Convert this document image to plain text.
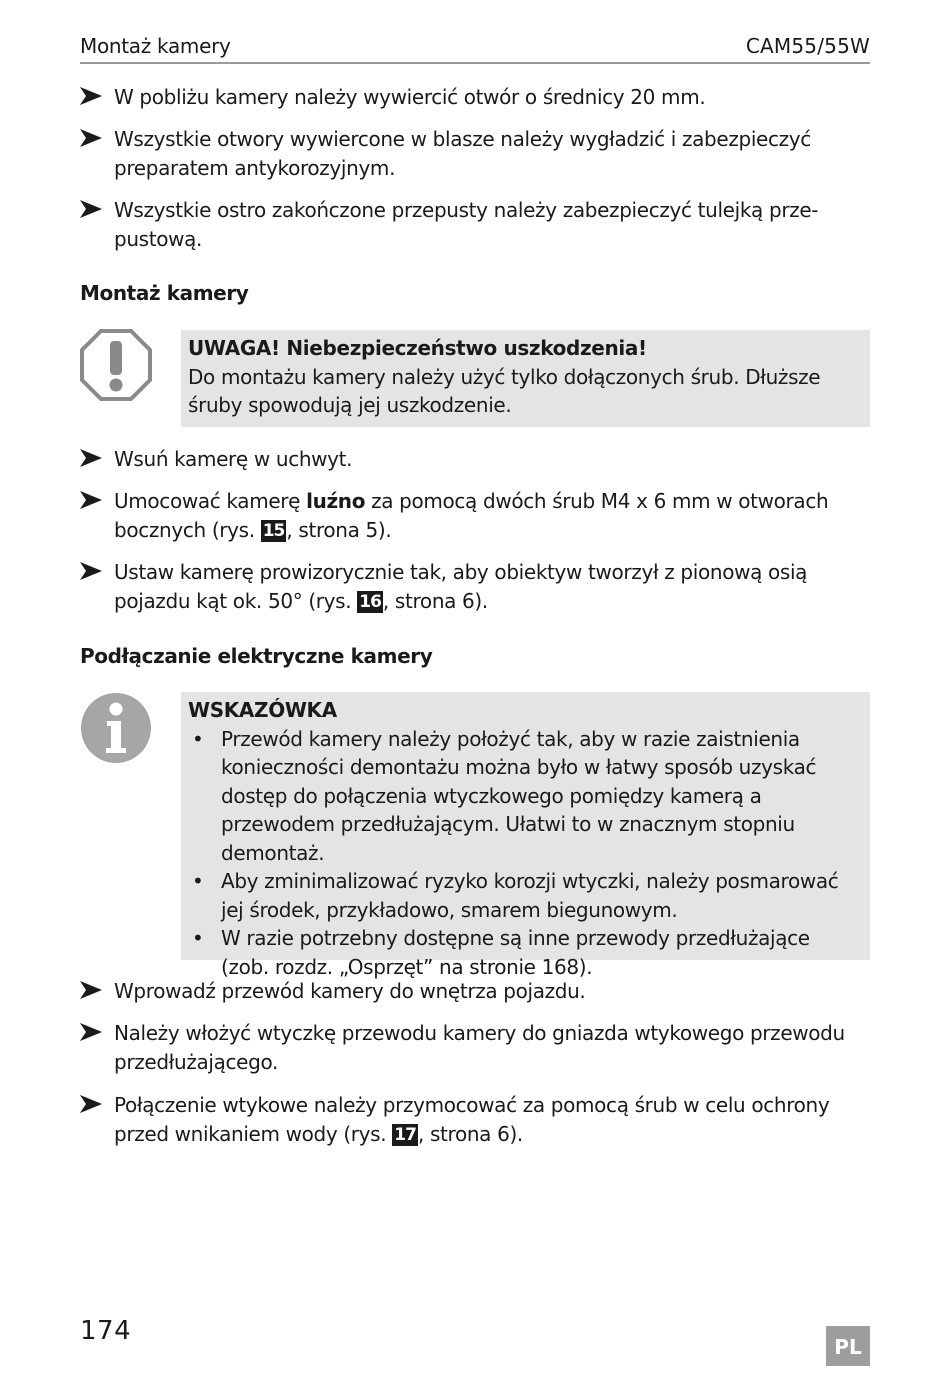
Montaż kamery	CAM55/55W
W pobliżu kamery należy wywiercić otwór o średnicy 20 mm.
Wszystkie otwory wywiercone w blasze należy wygładzić i zabezpieczyć preparatem antykorozyjnym.
Wszystkie ostro zakończone przepusty należy zabezpieczyć tulejką prze-pustową.
Montaż kamery
UWAGA! Niebezpieczeństwo uszkodzenia!
Do montażu kamery należy użyć tylko dołączonych śrub. Dłuższe śruby spowodują jej uszkodzenie.
Wsuń kamerę w uchwyt.
Umocować kamerę luźno za pomocą dwóch śrub M4 x 6 mm w otworach bocznych (rys. 15 , strona 5).
Ustaw kamerę prowizorycznie tak, aby obiektyw tworzył z pionową osią pojazdu kąt ok. 50° (rys. 16 , strona 6).
Podłączanie elektryczne kamery
WSKAZÓWKA
• Przewód kamery należy położyć tak, aby w razie zaistnienia konieczności demontażu można było w łatwy sposób uzyskać dostęp do połączenia wtyczkowego pomiędzy kamerą a przewodem przedłużającym. Ułatwi to w znacznym stopniu demontaż.
• Aby zminimalizować ryzyko korozji wtyczki, należy posmarować jej środek, przykładowo, smarem biegunowym.
• W razie potrzebny dostępne są inne przewody przedłużające (zob. rozdz. „Osprzęt” na stronie 168).
Wprowadź przewód kamery do wnętrza pojazdu.
Należy włożyć wtyczkę przewodu kamery do gniazda wtykowego przewodu przedłużającego.
Połączenie wtykowe należy przymocować za pomocą śrub w celu ochrony przed wnikaniem wody (rys. 17 , strona 6).
174
PL
